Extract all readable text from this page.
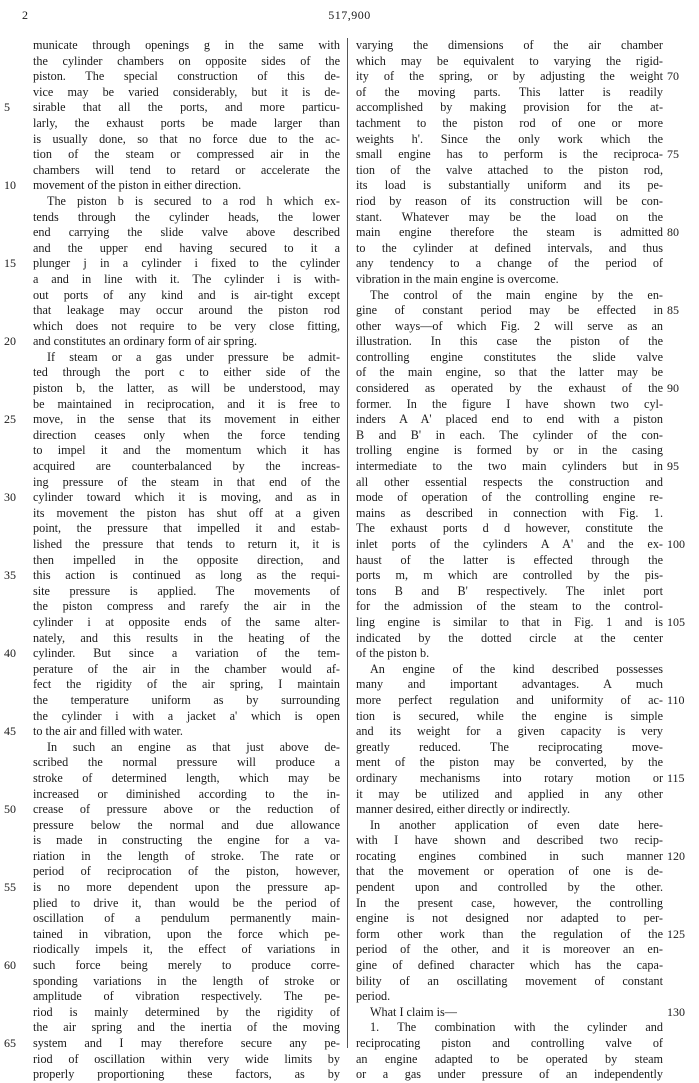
2	517,900
municate through openings g in the same with
the cylinder chambers on opposite sides of the
piston. The special construction of this de-
vice may be varied considerably, but it is de-
sirable that all the ports, and more particu-
larly, the exhaust ports be made larger than
is usually done, so that no force due to the ac-
tion of the steam or compressed air in the
chambers will tend to retard or accelerate the
movement of the piston in either direction.
The piston b is secured to a rod h which ex-
tends through the cylinder heads, the lower
end carrying the slide valve above described
and the upper end having secured to it a
plunger j in a cylinder i fixed to the cylinder
a and in line with it. The cylinder i is with-
out ports of any kind and is air-tight except
that leakage may occur around the piston rod
which does not require to be very close fitting,
and constitutes an ordinary form of air spring.
If steam or a gas under pressure be admit-
ted through the port c to either side of the
piston b, the latter, as will be understood, may
be maintained in reciprocation, and it is free to
move, in the sense that its movement in either
direction ceases only when the force tending
to impel it and the momentum which it has
acquired are counterbalanced by the increas-
ing pressure of the steam in that end of the
cylinder toward which it is moving, and as in
its movement the piston has shut off at a given
point, the pressure that impelled it and estab-
lished the pressure that tends to return it, it is
then impelled in the opposite direction, and
this action is continued as long as the requi-
site pressure is applied. The movements of
the piston compress and rarefy the air in the
cylinder i at opposite ends of the same alter-
nately, and this results in the heating of the
cylinder. But since a variation of the tem-
perature of the air in the chamber would af-
fect the rigidity of the air spring, I maintain
the temperature uniform as by surrounding
the cylinder i with a jacket a' which is open
to the air and filled with water.
In such an engine as that just above de-
scribed the normal pressure will produce a
stroke of determined length, which may be
increased or diminished according to the in-
crease of pressure above or the reduction of
pressure below the normal and due allowance
is made in constructing the engine for a va-
riation in the length of stroke. The rate or
period of reciprocation of the piston, however,
is no more dependent upon the pressure ap-
plied to drive it, than would be the period of
oscillation of a pendulum permanently main-
tained in vibration, upon the force which pe-
riodically impels it, the effect of variations in
such force being merely to produce corre-
sponding variations in the length of stroke or
amplitude of vibration respectively. The pe-
riod is mainly determined by the rigidity of
the air spring and the inertia of the moving
system and I may therefore secure any pe-
riod of oscillation within very wide limits by
properly proportioning these factors, as by
varying the dimensions of the air chamber
which may be equivalent to varying the rigid-
ity of the spring, or by adjusting the weight
of the moving parts. This latter is readily
accomplished by making provision for the at-
tachment to the piston rod of one or more
weights h'. Since the only work which the
small engine has to perform is the reciproca-
tion of the valve attached to the piston rod,
its load is substantially uniform and its pe-
riod by reason of its construction will be con-
stant. Whatever may be the load on the
main engine therefore the steam is admitted
to the cylinder at defined intervals, and thus
any tendency to a change of the period of
vibration in the main engine is overcome.
The control of the main engine by the en-
gine of constant period may be effected in
other ways—of which Fig. 2 will serve as an
illustration. In this case the piston of the
controlling engine constitutes the slide valve
of the main engine, so that the latter may be
considered as operated by the exhaust of the
former. In the figure I have shown two cyl-
inders A A' placed end to end with a piston
B and B' in each. The cylinder of the con-
trolling engine is formed by or in the casing
intermediate to the two main cylinders but in
all other essential respects the construction and
mode of operation of the controlling engine re-
mains as described in connection with Fig. 1.
The exhaust ports d d however, constitute the
inlet ports of the cylinders A A' and the ex-
haust of the latter is effected through the
ports m, m which are controlled by the pis-
tons B and B' respectively. The inlet port
for the admission of the steam to the control-
ling engine is similar to that in Fig. 1 and is
indicated by the dotted circle at the center
of the piston b.
An engine of the kind described possesses
many and important advantages. A much
more perfect regulation and uniformity of ac-
tion is secured, while the engine is simple
and its weight for a given capacity is very
greatly reduced. The reciprocating move-
ment of the piston may be converted, by the
ordinary mechanisms into rotary motion or
it may be utilized and applied in any other
manner desired, either directly or indirectly.
In another application of even date here-
with I have shown and described two recip-
rocating engines combined in such manner
that the movement or operation of one is de-
pendent upon and controlled by the other.
In the present case, however, the controlling
engine is not designed nor adapted to per-
form other work than the regulation of the
period of the other, and it is moreover an en-
gine of defined character which has the capa-
bility of an oscillating movement of constant
period.
What I claim is—
1. The combination with the cylinder and
reciprocating piston and controlling valve of
an engine adapted to be operated by steam
or a gas under pressure of an independently
5
10
15
20
25
30
35
40
45
50
55
60
65
70
75
80
85
90
95
100
105
110
115
120
125
130
